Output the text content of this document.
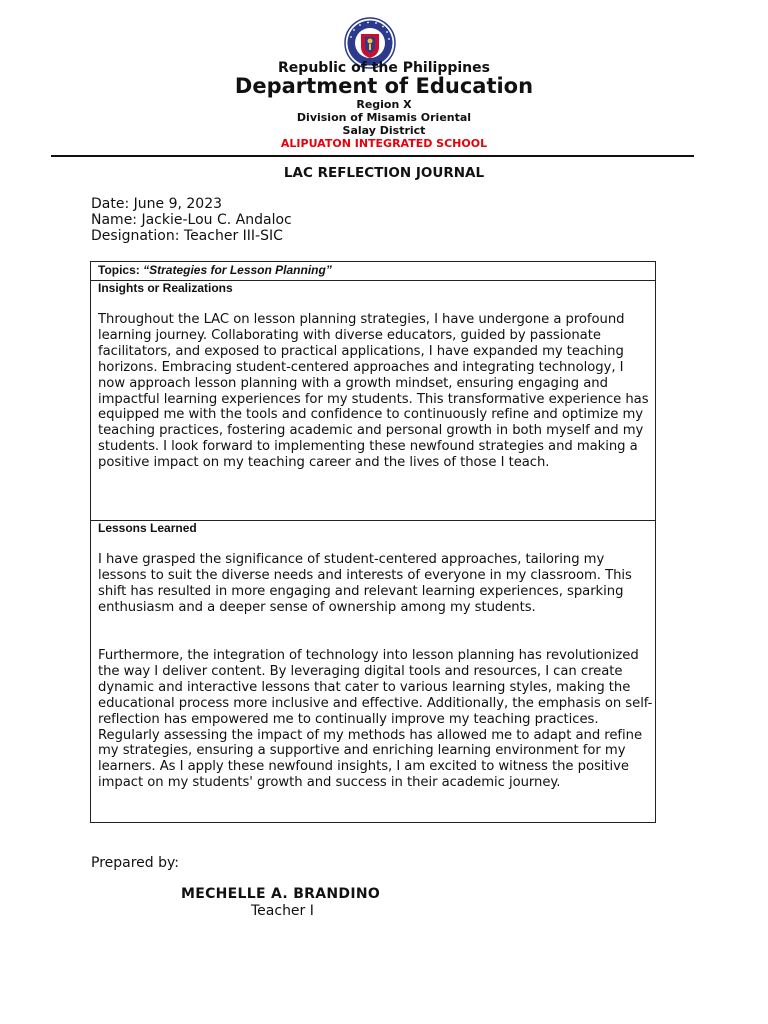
Republic of the Philippines
Department of Education
Region X
Division of Misamis Oriental
Salay District
ALIPUATON INTEGRATED SCHOOL
LAC REFLECTION JOURNAL
Date: June 9, 2023
Name: Jackie-Lou C. Andaloc
Designation: Teacher III-SIC
Topics: “Strategies for Lesson Planning”
Insights or Realizations
Throughout the LAC on lesson planning strategies, I have undergone a profound learning journey. Collaborating with diverse educators, guided by passionate facilitators, and exposed to practical applications, I have expanded my teaching horizons. Embracing student-centered approaches and integrating technology, I now approach lesson planning with a growth mindset, ensuring engaging and impactful learning experiences for my students. This transformative experience has equipped me with the tools and confidence to continuously refine and optimize my teaching practices, fostering academic and personal growth in both myself and my students. I look forward to implementing these newfound strategies and making a positive impact on my teaching career and the lives of those I teach.
Lessons Learned
I have grasped the significance of student-centered approaches, tailoring my lessons to suit the diverse needs and interests of everyone in my classroom. This shift has resulted in more engaging and relevant learning experiences, sparking enthusiasm and a deeper sense of ownership among my students.
Furthermore, the integration of technology into lesson planning has revolutionized the way I deliver content. By leveraging digital tools and resources, I can create dynamic and interactive lessons that cater to various learning styles, making the educational process more inclusive and effective. Additionally, the emphasis on self-reflection has empowered me to continually improve my teaching practices. Regularly assessing the impact of my methods has allowed me to adapt and refine my strategies, ensuring a supportive and enriching learning environment for my learners. As I apply these newfound insights, I am excited to witness the positive impact on my students' growth and success in their academic journey.
Prepared by:
MECHELLE A. BRANDINO
Teacher I
